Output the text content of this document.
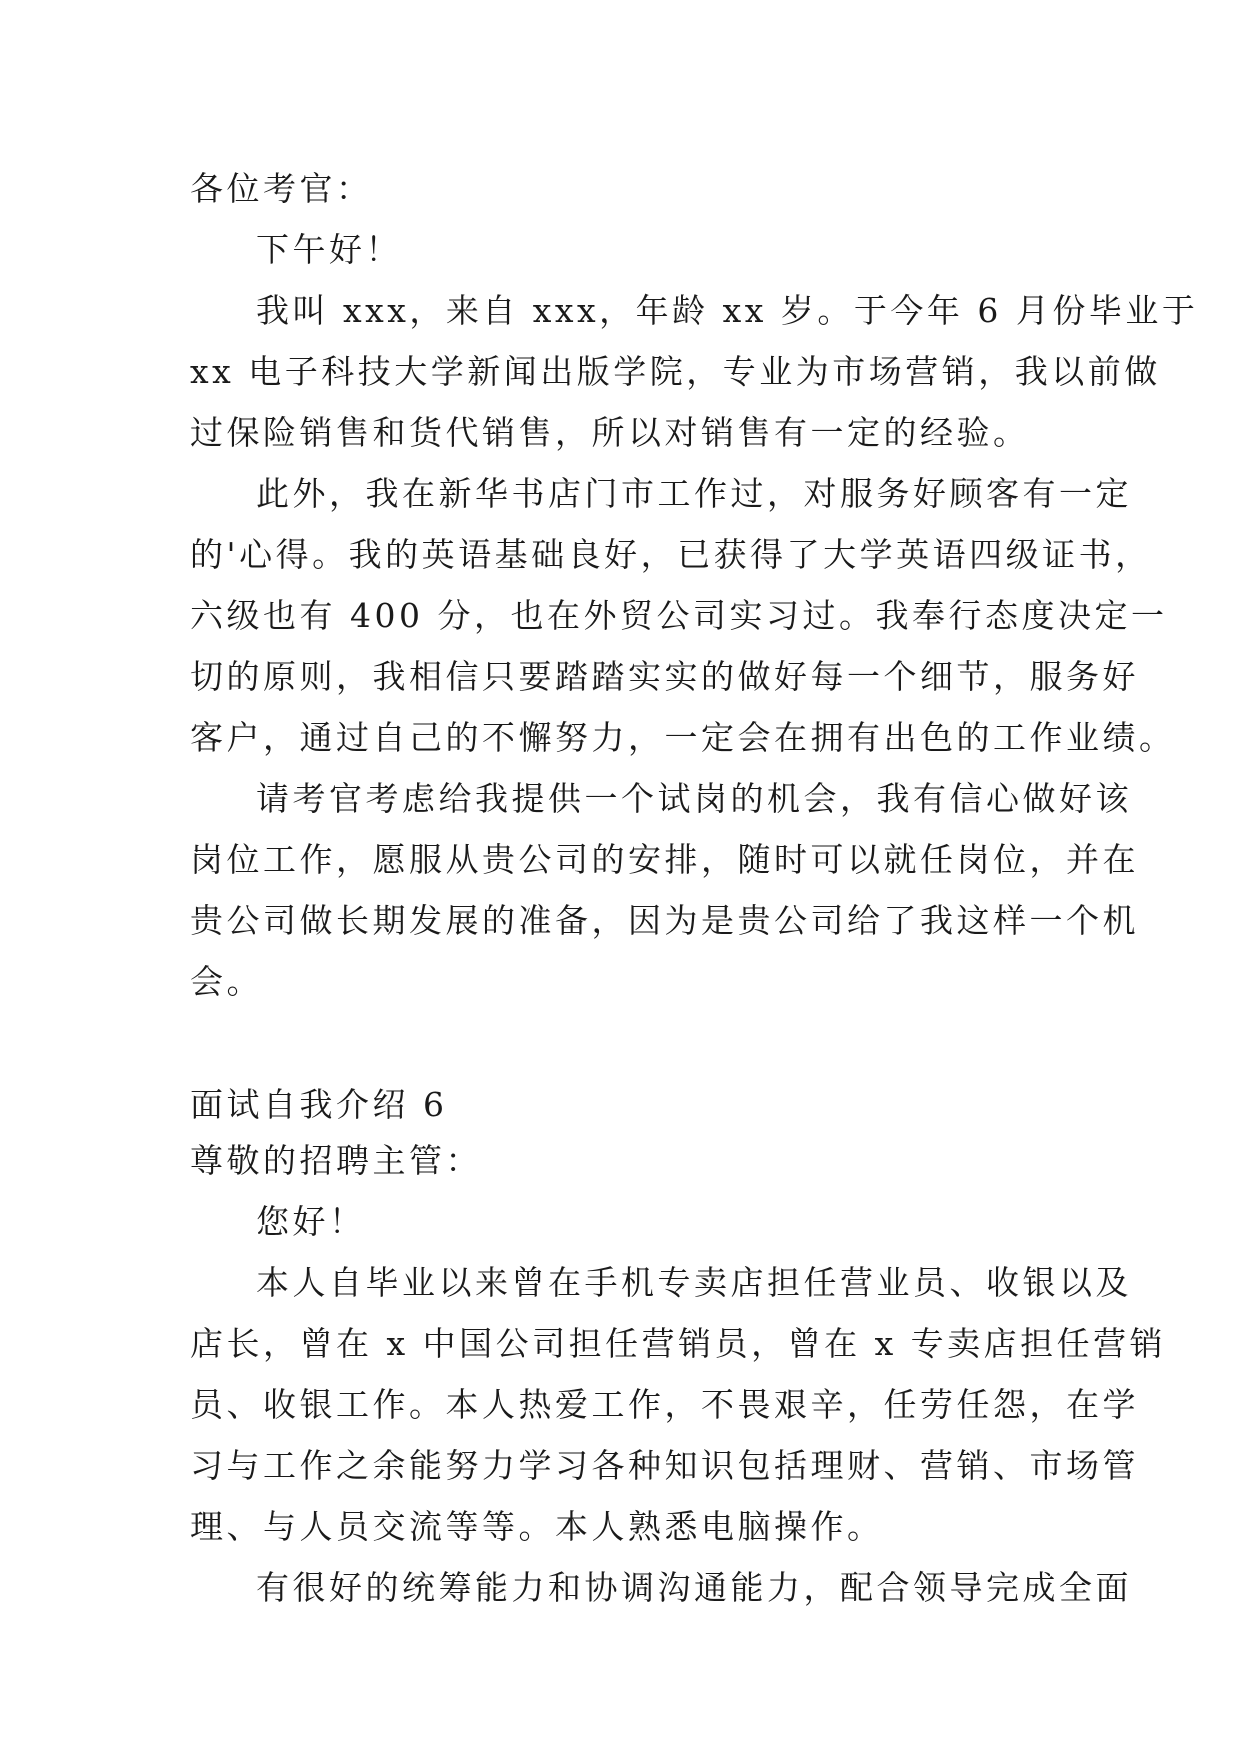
各位考官：
下午好！
我叫 xxx，来自 xxx，年龄 xx 岁。于今年 6 月份毕业于
xx 电子科技大学新闻出版学院，专业为市场营销，我以前做
过保险销售和货代销售，所以对销售有一定的经验。
此外，我在新华书店门市工作过，对服务好顾客有一定
的'心得。我的英语基础良好，已获得了大学英语四级证书，
六级也有 400 分，也在外贸公司实习过。我奉行态度决定一
切的原则，我相信只要踏踏实实的做好每一个细节，服务好
客户，通过自己的不懈努力，一定会在拥有出色的工作业绩。
请考官考虑给我提供一个试岗的机会，我有信心做好该
岗位工作，愿服从贵公司的安排，随时可以就任岗位，并在
贵公司做长期发展的准备，因为是贵公司给了我这样一个机
会。
面试自我介绍 6
尊敬的招聘主管：
您好！
本人自毕业以来曾在手机专卖店担任营业员、收银以及
店长，曾在 x 中国公司担任营销员，曾在 x 专卖店担任营销
员、收银工作。本人热爱工作，不畏艰辛，任劳任怨，在学
习与工作之余能努力学习各种知识包括理财、营销、市场管
理、与人员交流等等。本人熟悉电脑操作。
有很好的统筹能力和协调沟通能力，配合领导完成全面
